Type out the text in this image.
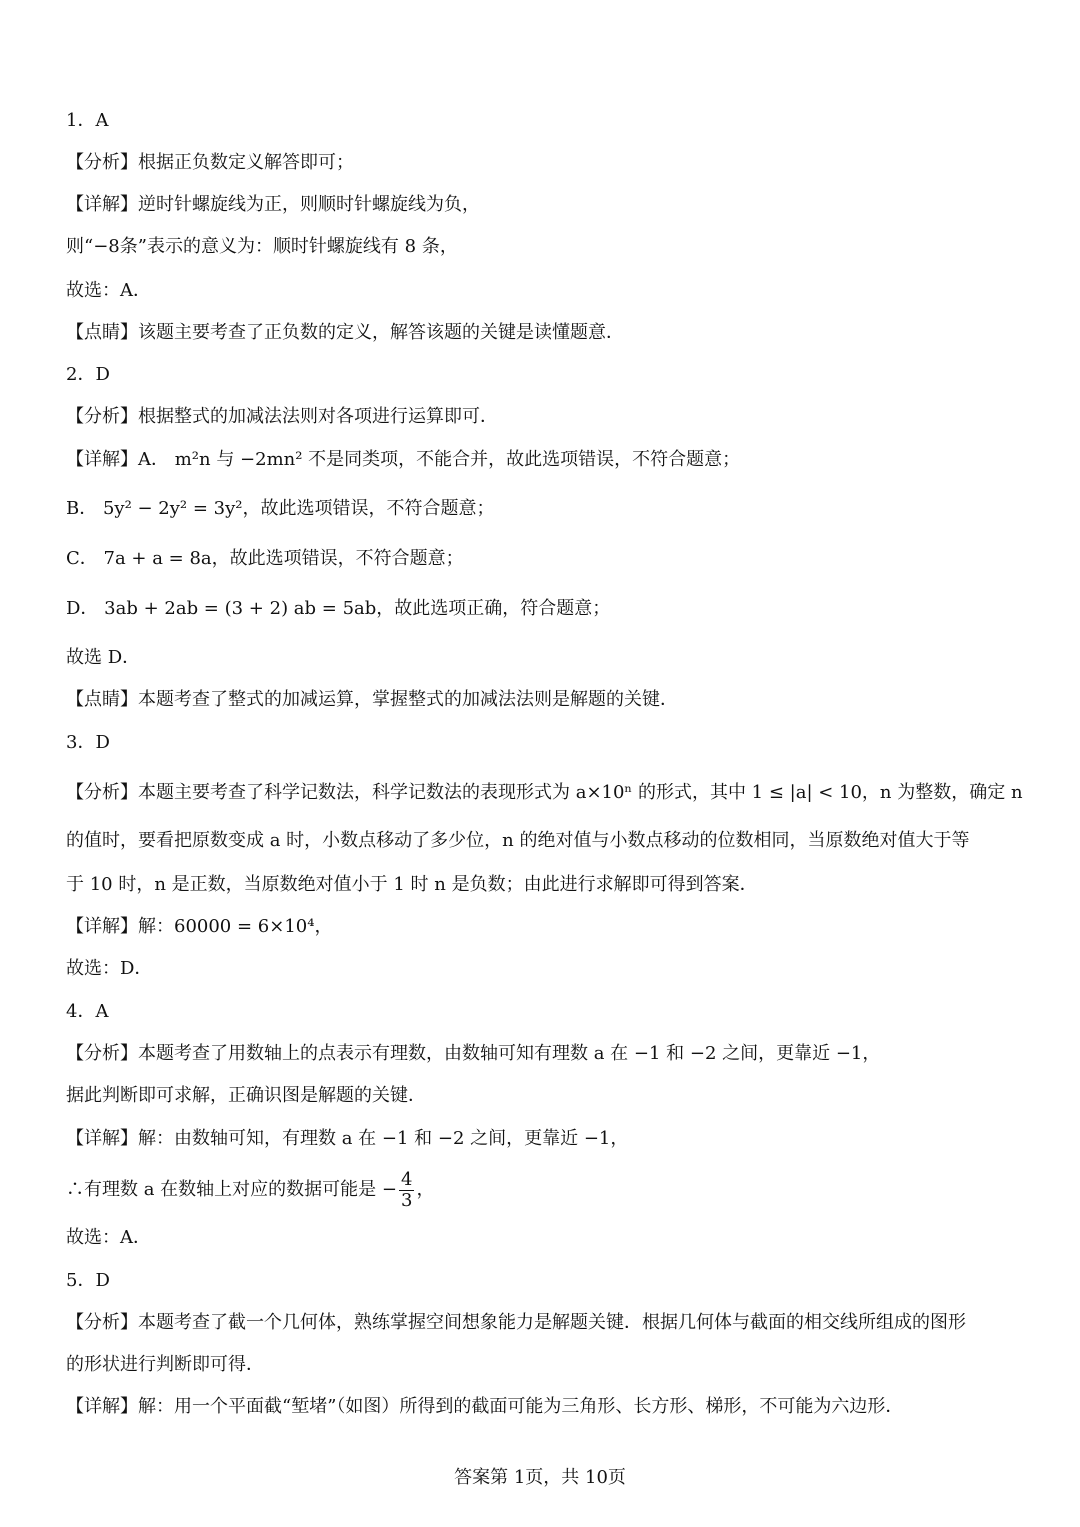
1．A
【分析】根据正负数定义解答即可；
【详解】逆时针螺旋线为正，则顺时针螺旋线为负，
则“−8条”表示的意义为：顺时针螺旋线有 8 条，
故选：A．
【点睛】该题主要考查了正负数的定义，解答该题的关键是读懂题意．
2．D
【分析】根据整式的加减法法则对各项进行运算即可．
【详解】A． m²n 与 −2mn² 不是同类项，不能合并，故此选项错误，不符合题意；
B． 5y² − 2y² = 3y²，故此选项错误，不符合题意；
C． 7a + a = 8a，故此选项错误，不符合题意；
D． 3ab + 2ab = (3 + 2) ab = 5ab，故此选项正确，符合题意；
故选 D．
【点睛】本题考查了整式的加减运算，掌握整式的加减法法则是解题的关键．
3．D
【分析】本题主要考查了科学记数法，科学记数法的表现形式为 a×10ⁿ 的形式，其中 1 ≤ |a| < 10，n 为整数，确定 n
的值时，要看把原数变成 a 时，小数点移动了多少位，n 的绝对值与小数点移动的位数相同，当原数绝对值大于等
于 10 时，n 是正数，当原数绝对值小于 1 时 n 是负数；由此进行求解即可得到答案．
【详解】解：60000 = 6×10⁴，
故选：D．
4．A
【分析】本题考查了用数轴上的点表示有理数，由数轴可知有理数 a 在 −1 和 −2 之间，更靠近 −1，
据此判断即可求解，正确识图是解题的关键．
【详解】解：由数轴可知，有理数 a 在 −1 和 −2 之间，更靠近 −1，
∴有理数 a 在数轴上对应的数据可能是 − $\frac{4}{3}$ ，
故选：A．
5．D
【分析】本题考查了截一个几何体，熟练掌握空间想象能力是解题关键．根据几何体与截面的相交线所组成的图形
的形状进行判断即可得．
【详解】解：用一个平面截“堑堵”（如图）所得到的截面可能为三角形、长方形、梯形，不可能为六边形．
答案第 1页，共 10页
